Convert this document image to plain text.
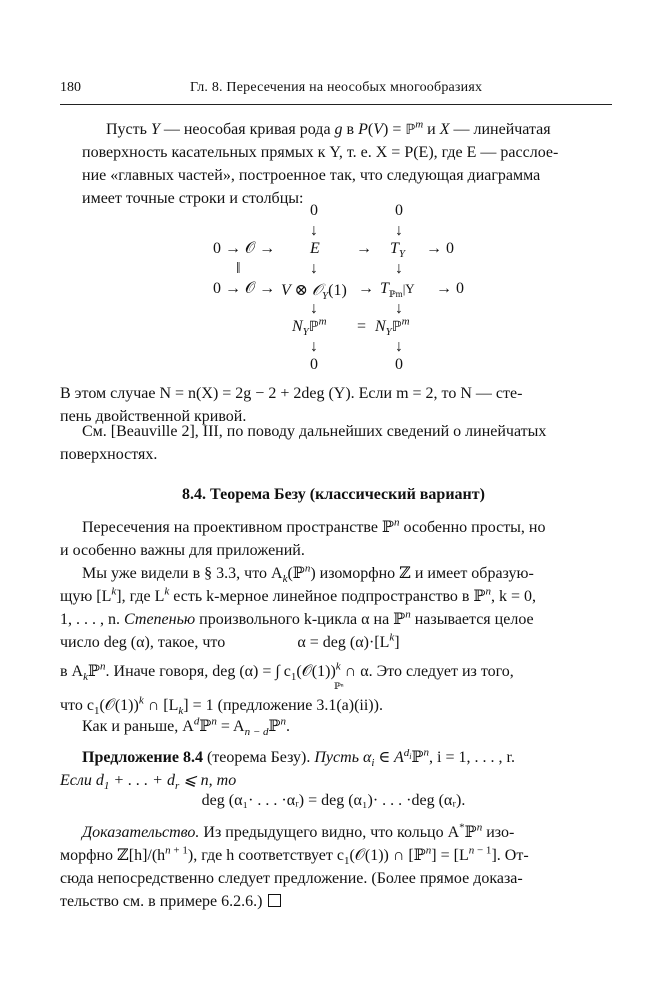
180	Гл. 8. Пересечения на неособых многообразиях
  Пусть Y — неособая кривая рода g в P(V) = ℙ$^m$ и X — линейчатая
поверхность касательных прямых к Y, т. е. X = P(E), где E — расслое-
ние «главных частей», построенное так, что следующая диаграмма
имеет точные строки и столбцы:
0	0
↓	↓
0 → 𝒪 → $E \to T_Y \to 0$
‖	↓	↓
0 → 𝒪 → V ⊗ 𝒪$_Y$(1) → $T_{ℙm}|Y \to 0$
↓	↓
$N_Yℙ^m$ = $N_Yℙ^m$
↓	↓
0	0
В этом случае N = n(X) = 2g − 2 + 2deg (Y). Если m = 2, то N — сте-
пень двойственной кривой.
См. [Beauville 2], III, по поводу дальнейших сведений о линейчатых
поверхностях.
8.4. Теорема Безу (классический вариант)
Пересечения на проективном пространстве ℙ$^n$ особенно просты, но
и особенно важны для приложений.
Мы уже видели в § 3.3, что $A_k(ℙ^n)$ изоморфно ℤ и имеет образую-
щую $[L^k]$, где $L^k$ есть k-мерное линейное подпространство в ℙ$^n$, k = 0,
1, . . . , n. Степенью произвольного k-цикла α на ℙ$^n$ называется целое
число deg (α), такое, что	α = deg $(\alpha)\cdot[L^k]$
в $A_kℙ^n$. Иначе говоря, deg (α) = ∫ $c_1(𝒪(1))^k$ ∩ α. Это следует из того,
ℙⁿ
что $c_1(𝒪(1))^k$ ∩ $[L_k] = 1$ (предложение 3.1(a)(ii)).
Как и раньше, $A^dℙ^n$ = $A_{n - d}ℙ^n$.
Предложение 8.4 (теорема Безу). Пусть $\alpha_i$ ∈ $A^{d_i}ℙ^n$, i = 1, . . . , r.
Если $d_1$ + . . . + $d_r$ ⩽ n, то
deg (α₁· . . . ·αᵣ) = deg (α₁)· . . . ·deg (αᵣ).
Доказательство. Из предыдущего видно, что кольцо A*ℙ$^n$ изо-
морфно $ℤ[h]/(h^{n + 1})$, где h соответствует $c_1(𝒪(1))$ ∩ [ℙ$^n$] = $[L^{n - 1}]$. От-
сюда непосредственно следует предложение. (Более прямое доказа-
тельство см. в примере 6.2.6.)
